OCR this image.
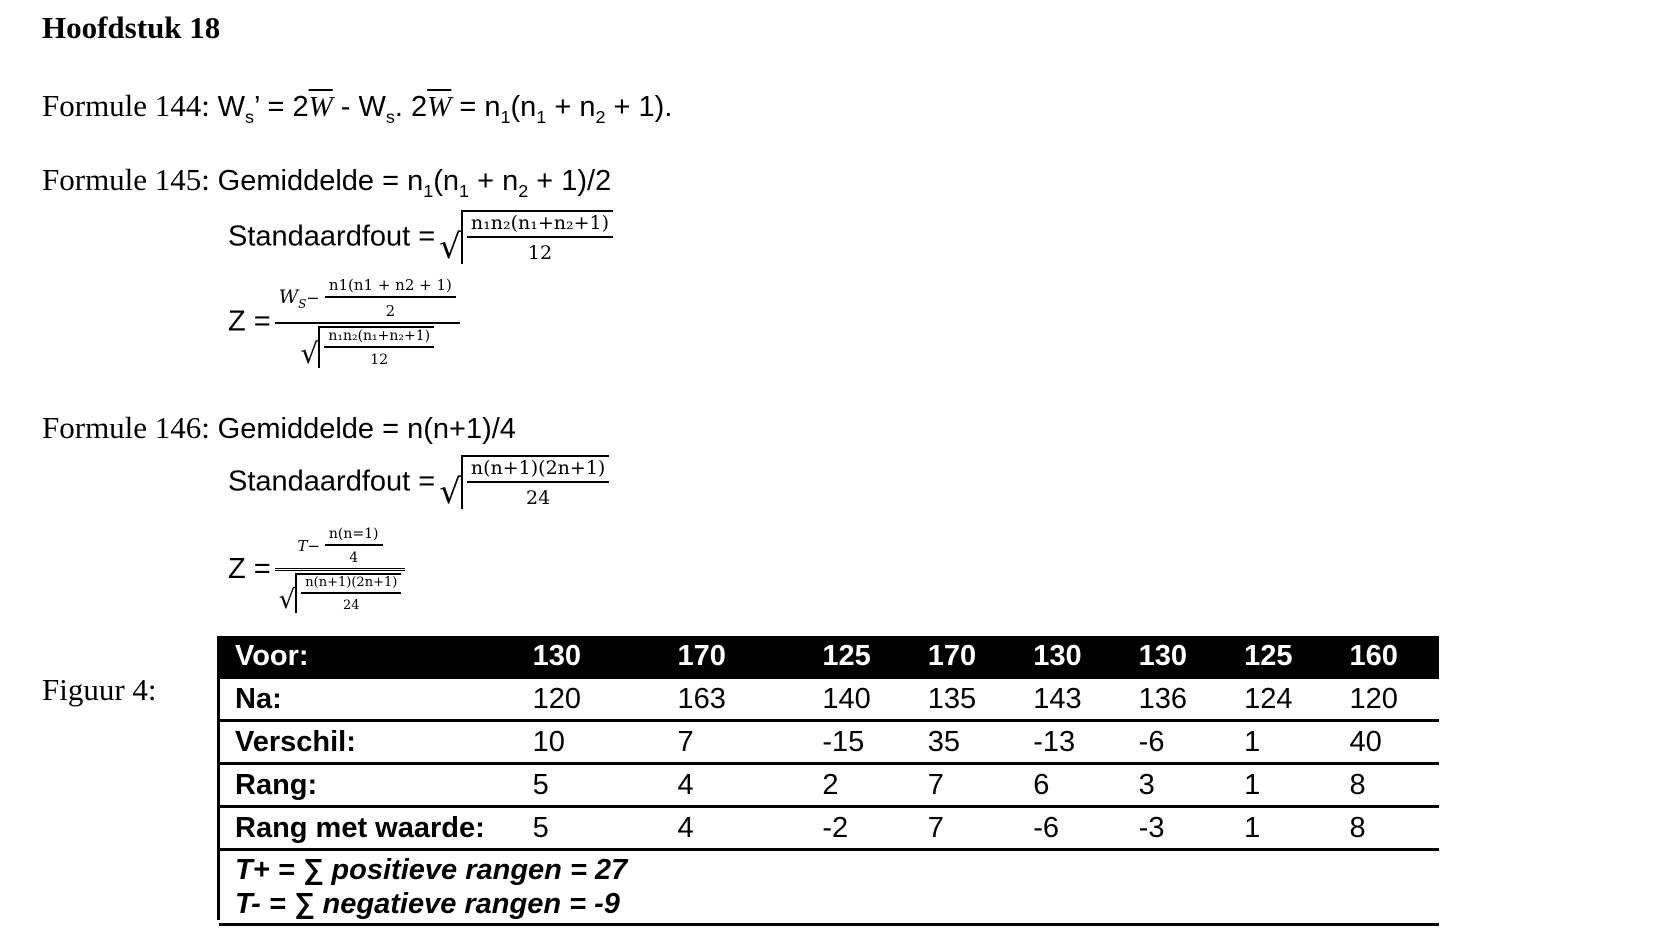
Hoofdstuk 18
Formule 144: $W_s$’ = $2\overline{W} - W_s$. $2\overline{W} = n_1(n_1 + n_2 + 1)$.
Formule 145: Gemiddelde = $n_1(n_1 + n_2 + 1)/2$
Standaardfout = √ $\frac{\text{n₁n₂(n₁+n₂+1)}}{12}$
Z =
$W_S- \frac{n1(n1 + n2 + 1)}{2}$
√ $\frac{\text{n₁n₂(n₁+n₂+1)}}{12}$
Formule 146: Gemiddelde = n(n+1)/4
Standaardfout = √ $\frac{n(n+1)(2n+1)}{24}$
Z =
$T- \frac{n(n=1)}{4}$
√ $\frac{n(n+1)(2n+1)}{24}$
Figuur 4:
Voor:	130	170	125	170	130	130	125	160
Na:	120	163	140	135	143	136	124	120
Verschil:	10	7	-15	35	-13	-6	1	40
Rang:	5	4	2	7	6	3	1	8
Rang met waarde:	5	4	-2	7	-6	-3	1	8

T+ = ∑ positieve rangen = 27
T- = ∑ negatieve rangen = -9								
